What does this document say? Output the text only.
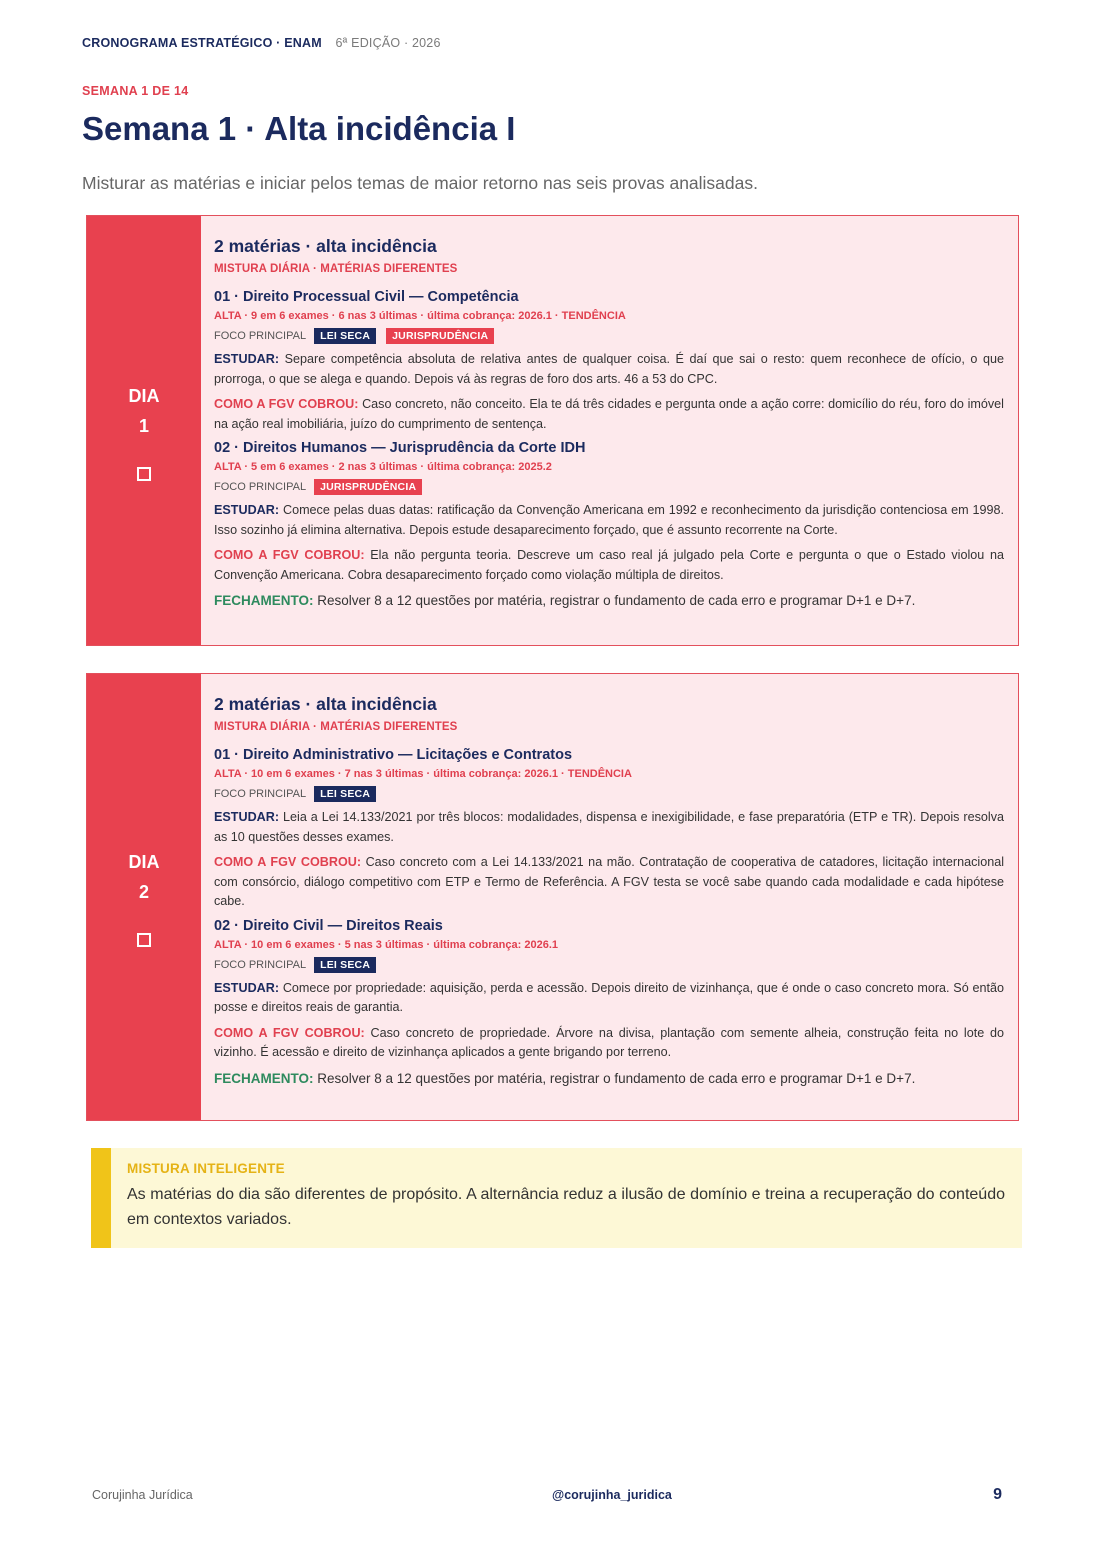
CRONOGRAMA ESTRATÉGICO · ENAM 6ª EDIÇÃO · 2026
SEMANA 1 DE 14
Semana 1 · Alta incidência I
Misturar as matérias e iniciar pelos temas de maior retorno nas seis provas analisadas.
DIA
1
2 matérias · alta incidência
MISTURA DIÁRIA · MATÉRIAS DIFERENTES
01 · Direito Processual Civil — Competência
ALTA · 9 em 6 exames · 6 nas 3 últimas · última cobrança: 2026.1 · TENDÊNCIA
FOCO PRINCIPAL	LEI SECA	JURISPRUDÊNCIA

ESTUDAR: Separe competência absoluta de relativa antes de qualquer coisa. É daí que sai o resto: quem reconhece de ofício, o que prorroga, o que se alega e quando. Depois vá às regras de foro dos arts. 46 a 53 do CPC.

COMO A FGV COBROU: Caso concreto, não conceito. Ela te dá três cidades e pergunta onde a ação corre: domicílio do réu, foro do imóvel na ação real imobiliária, juízo do cumprimento de sentença.

02 · Direitos Humanos — Jurisprudência da Corte IDH
ALTA · 5 em 6 exames · 2 nas 3 últimas · última cobrança: 2025.2
FOCO PRINCIPAL	JURISPRUDÊNCIA

ESTUDAR: Comece pelas duas datas: ratificação da Convenção Americana em 1992 e reconhecimento da jurisdição contenciosa em 1998. Isso sozinho já elimina alternativa. Depois estude desaparecimento forçado, que é assunto recorrente na Corte.

COMO A FGV COBROU: Ela não pergunta teoria. Descreve um caso real já julgado pela Corte e pergunta o que o Estado violou na Convenção Americana. Cobra desaparecimento forçado como violação múltipla de direitos.

FECHAMENTO: Resolver 8 a 12 questões por matéria, registrar o fundamento de cada erro e programar D+1 e D+7.

DIA
2
2 matérias · alta incidência
MISTURA DIÁRIA · MATÉRIAS DIFERENTES
01 · Direito Administrativo — Licitações e Contratos
ALTA · 10 em 6 exames · 7 nas 3 últimas · última cobrança: 2026.1 · TENDÊNCIA
FOCO PRINCIPAL	LEI SECA

ESTUDAR: Leia a Lei 14.133/2021 por três blocos: modalidades, dispensa e inexigibilidade, e fase preparatória (ETP e TR). Depois resolva as 10 questões desses exames.

COMO A FGV COBROU: Caso concreto com a Lei 14.133/2021 na mão. Contratação de cooperativa de catadores, licitação internacional com consórcio, diálogo competitivo com ETP e Termo de Referência. A FGV testa se você sabe quando cada modalidade e cada hipótese cabe.

02 · Direito Civil — Direitos Reais
ALTA · 10 em 6 exames · 5 nas 3 últimas · última cobrança: 2026.1
FOCO PRINCIPAL	LEI SECA

ESTUDAR: Comece por propriedade: aquisição, perda e acessão. Depois direito de vizinhança, que é onde o caso concreto mora. Só então posse e direitos reais de garantia.

COMO A FGV COBROU: Caso concreto de propriedade. Árvore na divisa, plantação com semente alheia, construção feita no lote do vizinho. É acessão e direito de vizinhança aplicados a gente brigando por terreno.

FECHAMENTO: Resolver 8 a 12 questões por matéria, registrar o fundamento de cada erro e programar D+1 e D+7.

MISTURA INTELIGENTE

As matérias do dia são diferentes de propósito. A alternância reduz a ilusão de domínio e treina a recuperação do conteúdo em contextos variados.

Corujinha Jurídica	@corujinha_juridica	9
